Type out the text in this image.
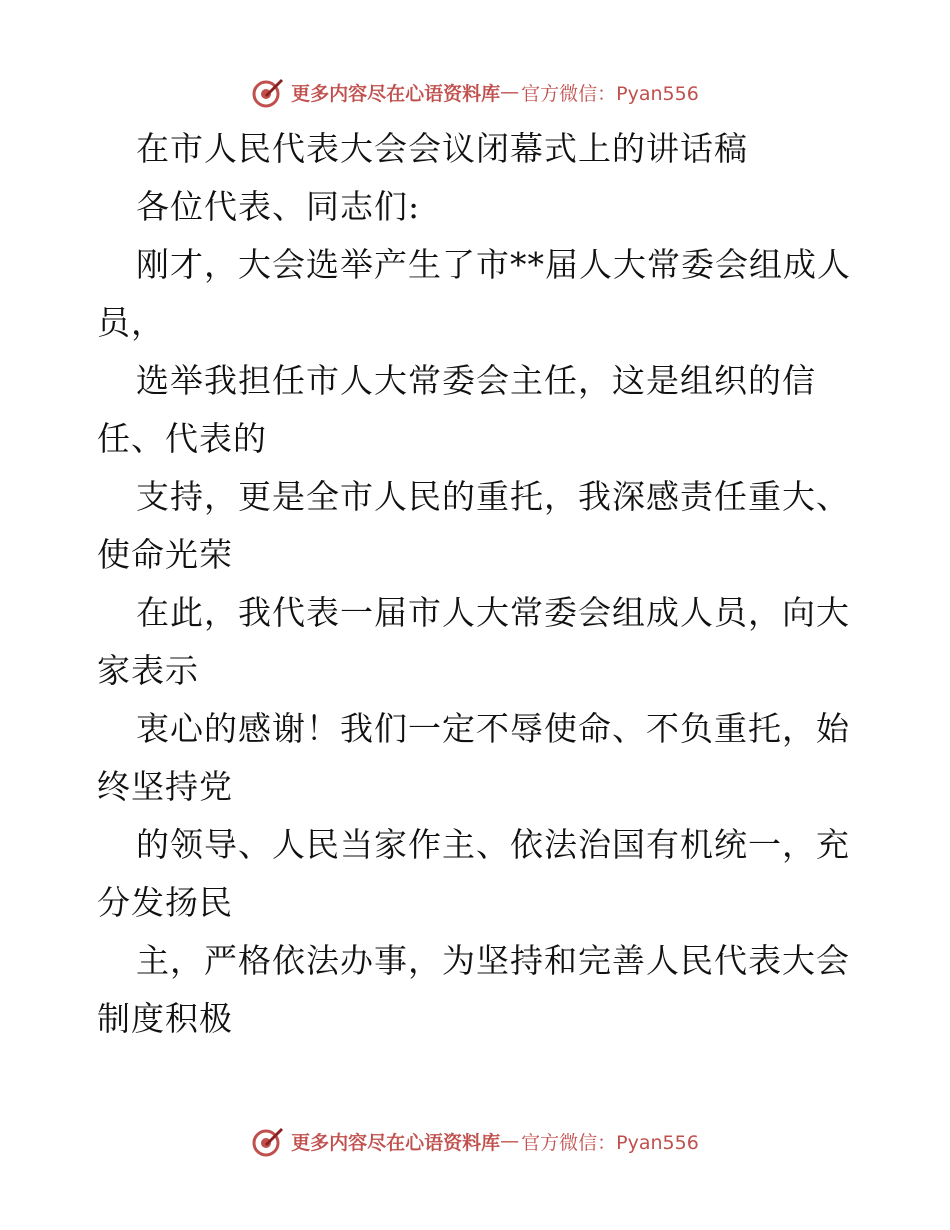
更多内容尽在心语资料库 — 官方微信：Pyan556
在市人民代表大会会议闭幕式上的讲话稿
各位代表、同志们:
刚才，大会选举产生了市**届人大常委会组成人
员，
选举我担任市人大常委会主任，这是组织的信
任、代表的
支持，更是全市人民的重托，我深感责任重大、
使命光荣
在此，我代表一届市人大常委会组成人员，向大
家表示
衷心的感谢！我们一定不辱使命、不负重托，始
终坚持党
的领导、人民当家作主、依法治国有机统一，充
分发扬民
主，严格依法办事，为坚持和完善人民代表大会
制度积极
更多内容尽在心语资料库 — 官方微信：Pyan556
